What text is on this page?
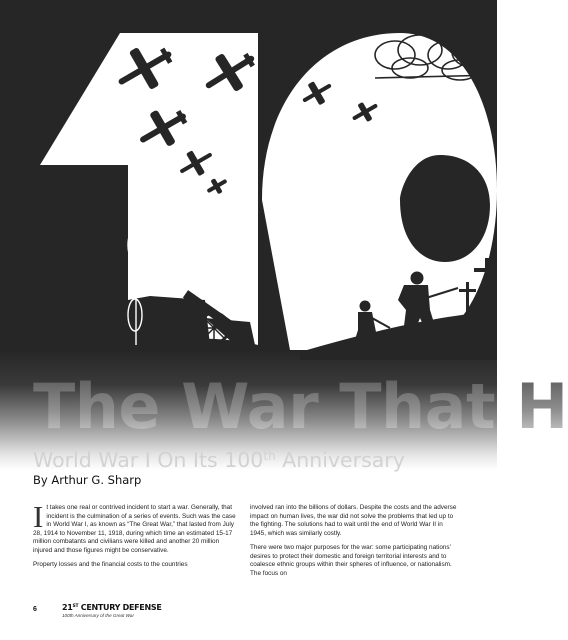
The War That H
World War I On Its 100th Anniversary
By Arthur G. Sharp

It takes one real or contrived incident to start a war. Generally, that incident is the culmination of a series of events. Such was the case in World War I, as known as “The Great War,” that lasted from July 28, 1914 to November 11, 1918, during which time an estimated 15-17 million combatants and civilians were killed and another 20 million injured and those figures might be conservative.

Property losses and the financial costs to the countries

involved ran into the billions of dollars. Despite the costs and the adverse impact on human lives, the war did not solve the problems that led up to the fighting. The solutions had to wait until the end of World War II in 1945, which was similarly costly.

There were two major purposes for the war: some participating nations’ desires to protect their domestic and foreign territorial interests and to coalesce ethnic groups within their spheres of influence, or nationalism. The focus on

6	21ST CENTURY DEFENSE
100th Anniversary of the Great War
